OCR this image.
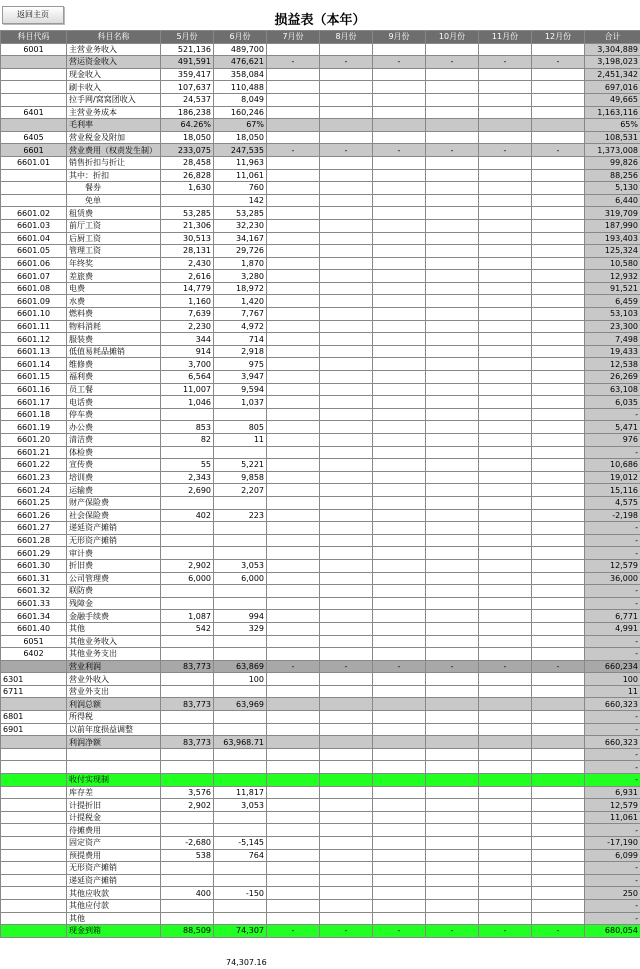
返回主页	损益表（本年）
科目代码	科目名称	5月份	6月份	7月份	8月份	9月份	10月份	11月份	12月份	合计
6001	主营业务收入	521,136	489,700							3,304,889
	营运资金收入	491,591	476,621	-	-	-	-	-	-	3,198,023
	现金收入	359,417	358,084							2,451,342
	刷卡收入	107,637	110,488							697,016
	拉手网/窝窝团收入	24,537	8,049							49,665
6401	主营业务成本	186,238	160,246							1,163,116
	毛利率	64.26%	67%							65%
6405	营业税金及附加	18,050	18,050							108,531
6601	营业费用（权责发生制）	233,075	247,535	-	-	-	-	-	-	1,373,008
6601.01	销售折扣与折让	28,458	11,963							99,826
	其中：折扣	26,828	11,061							88,256
	　　餐券	1,630	760							5,130
	　　免单		142							6,440
6601.02	租赁费	53,285	53,285							319,709
6601.03	前厅工资	21,306	32,230							187,990
6601.04	后厨工资	30,513	34,167							193,403
6601.05	管理工资	28,131	29,726							125,324
6601.06	年终奖	2,430	1,870							10,580
6601.07	差旅费	2,616	3,280							12,932
6601.08	电费	14,779	18,972							91,521
6601.09	水费	1,160	1,420							6,459
6601.10	燃料费	7,639	7,767							53,103
6601.11	物料消耗	2,230	4,972							23,300
6601.12	服装费	344	714							7,498
6601.13	低值易耗品摊销	914	2,918							19,433
6601.14	维修费	3,700	975							12,538
6601.15	福利费	6,564	3,947							26,269
6601.16	员工餐	11,007	9,594							63,108
6601.17	电话费	1,046	1,037							6,035
6601.18	停车费									-
6601.19	办公费	853	805							5,471
6601.20	清洁费	82	11							976
6601.21	体检费									-
6601.22	宣传费	55	5,221							10,686
6601.23	培训费	2,343	9,858							19,012
6601.24	运输费	2,690	2,207							15,116
6601.25	财产保险费									4,575
6601.26	社会保险费	402	223							-2,198
6601.27	递延资产摊销									-
6601.28	无形资产摊销									-
6601.29	审计费									-
6601.30	折旧费	2,902	3,053							12,579
6601.31	公司管理费	6,000	6,000							36,000
6601.32	联防费									-
6601.33	残障金									-
6601.34	金融手续费	1,087	994							6,771
6601.40	其他	542	329							4,991
6051	其他业务收入									-
6402	其他业务支出									-
	营业利润	83,773	63,869	-	-	-	-	-	-	660,234
6301	营业外收入		100							100
6711	营业外支出									11
	利润总额	83,773	63,969							660,323
6801	所得税									-
6901	以前年度损益调整									-
	利润净额	83,773	63,968.71							660,323
										-
										-
	收付实现制									-
	库存差	3,576	11,817							6,931
	计提折旧	2,902	3,053							12,579
	计提税金									11,061
	待摊费用									-
	固定资产	-2,680	-5,145							-17,190
	预提费用	538	764							6,099
	无形资产摊销									-
	递延资产摊销									-
	其他应收款	400	-150							250
	其他应付款									-
	其他									-
	现金到箱	88,509	74,307	-	-	-	-	-	-	680,054
74,307.16
